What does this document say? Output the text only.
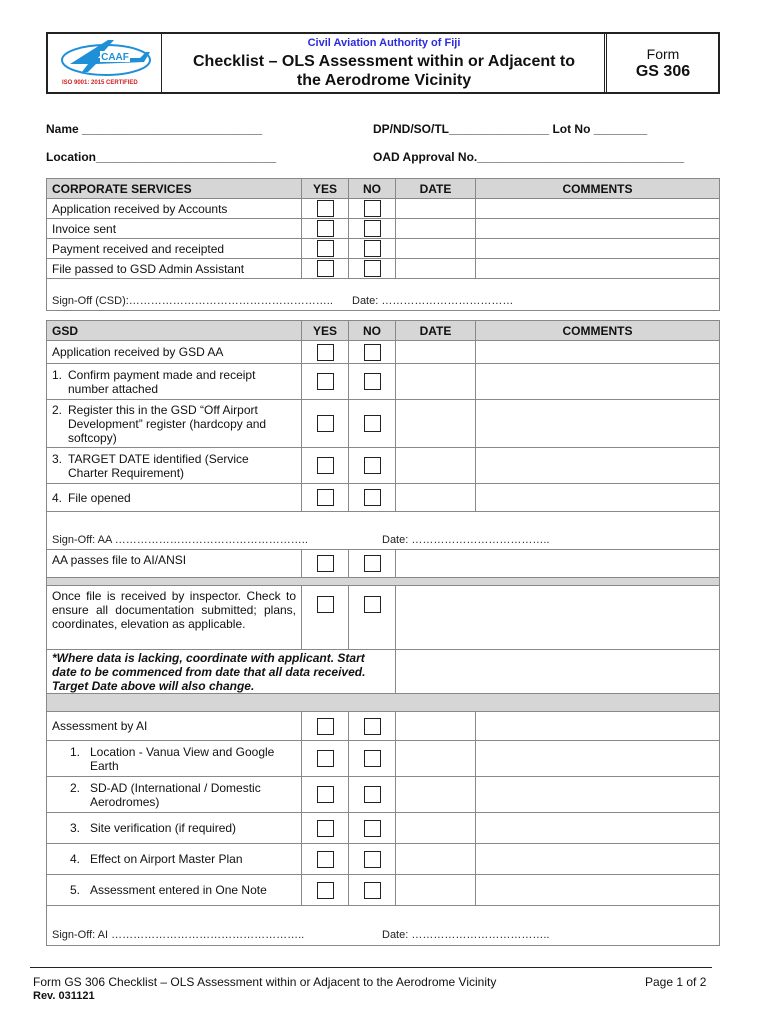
CAAF
ISO 9001: 2015 CERTIFIED
Civil Aviation Authority of Fiji
Checklist – OLS Assessment within or Adjacent to
the Aerodrome Vicinity
Form
GS 306
Name ___________________________	DP/ND/SO/TL_______________ Lot No ________
Location___________________________	OAD Approval No._______________________________
CORPORATE SERVICES	YES	NO	DATE	COMMENTS
Application received by Accounts				
Invoice sent				
Payment received and receipted				
File passed to GSD Admin Assistant				

Sign-Off (CSD):……………………………………………….. Date: ………………………………				
GSD	YES	NO	DATE	COMMENTS
Application received by GSD AA				
1. Confirm payment made and receipt number attached				
2. Register this in the GSD “Off Airport Development” register (hardcopy and softcopy)				
3. TARGET DATE identified (Service Charter Requirement)				
4. File opened				

Sign-Off: AA …………………………………………….. Date: ………………………………..				

AA passes file to AI/ANSI				

Once file is received by inspector. Check to ensure all documentation submitted; plans, coordinates, elevation as applicable.				
*Where data is lacking, coordinate with applicant. Start date to be commenced from date that all data received. Target Date above will also change.				

Assessment by AI				
1. Location - Vanua View and Google Earth				
2. SD-AD (International / Domestic Aerodromes)				
3. Site verification (if required)				
4. Effect on Airport Master Plan				
5. Assessment entered in One Note				

Sign-Off: AI …………………………………………….. Date: ………………………………..				
Form GS 306 Checklist – OLS Assessment within or Adjacent to the Aerodrome Vicinity
Rev. 031121
Page 1 of 2
